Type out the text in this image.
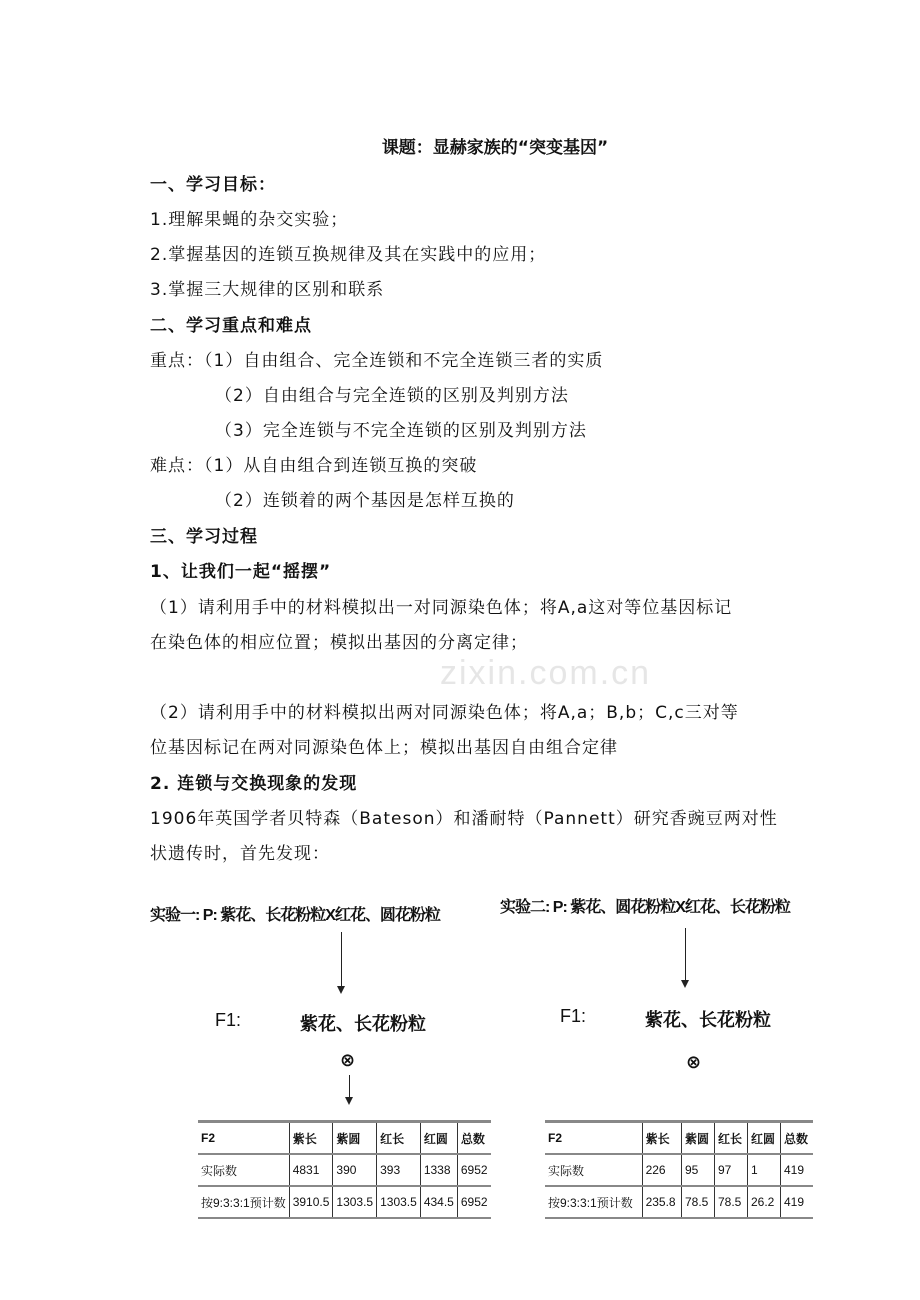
zixin.com.cn
课题：显赫家族的“突变基因”
一、学习目标：
1.理解果蝇的杂交实验；
2.掌握基因的连锁互换规律及其在实践中的应用；
3.掌握三大规律的区别和联系
二、学习重点和难点
重点：（1）自由组合、完全连锁和不完全连锁三者的实质
（2）自由组合与完全连锁的区别及判别方法
（3）完全连锁与不完全连锁的区别及判别方法
难点：（1）从自由组合到连锁互换的突破
（2）连锁着的两个基因是怎样互换的
三、学习过程
1、让我们一起“摇摆”
（1）请利用手中的材料模拟出一对同源染色体；将A,a这对等位基因标记
在染色体的相应位置；模拟出基因的分离定律；
（2）请利用手中的材料模拟出两对同源染色体；将A,a；B,b；C,c三对等
位基因标记在两对同源染色体上；模拟出基因自由组合定律
2. 连锁与交换现象的发现
1906年英国学者贝特森（Bateson）和潘耐特（Pannett）研究香豌豆两对性
状遗传时，首先发现：
实验一: P: 紫花、长花粉粒X红花、圆花粉粒
F1:	紫花、长花粉粒
⊗
F2	紫长	紫圆	红长	红圆	总数
实际数	4831	390	393	1338	6952
按9:3:3:1预计数	3910.5	1303.5	1303.5	434.5	6952
实验二: P: 紫花、圆花粉粒X红花、长花粉粒
F1:	紫花、长花粉粒
⊗
F2	紫长	紫圆	红长	红圆	总数
实际数	226	95	97	1	419
按9:3:3:1预计数	235.8	78.5	78.5	26.2	419
